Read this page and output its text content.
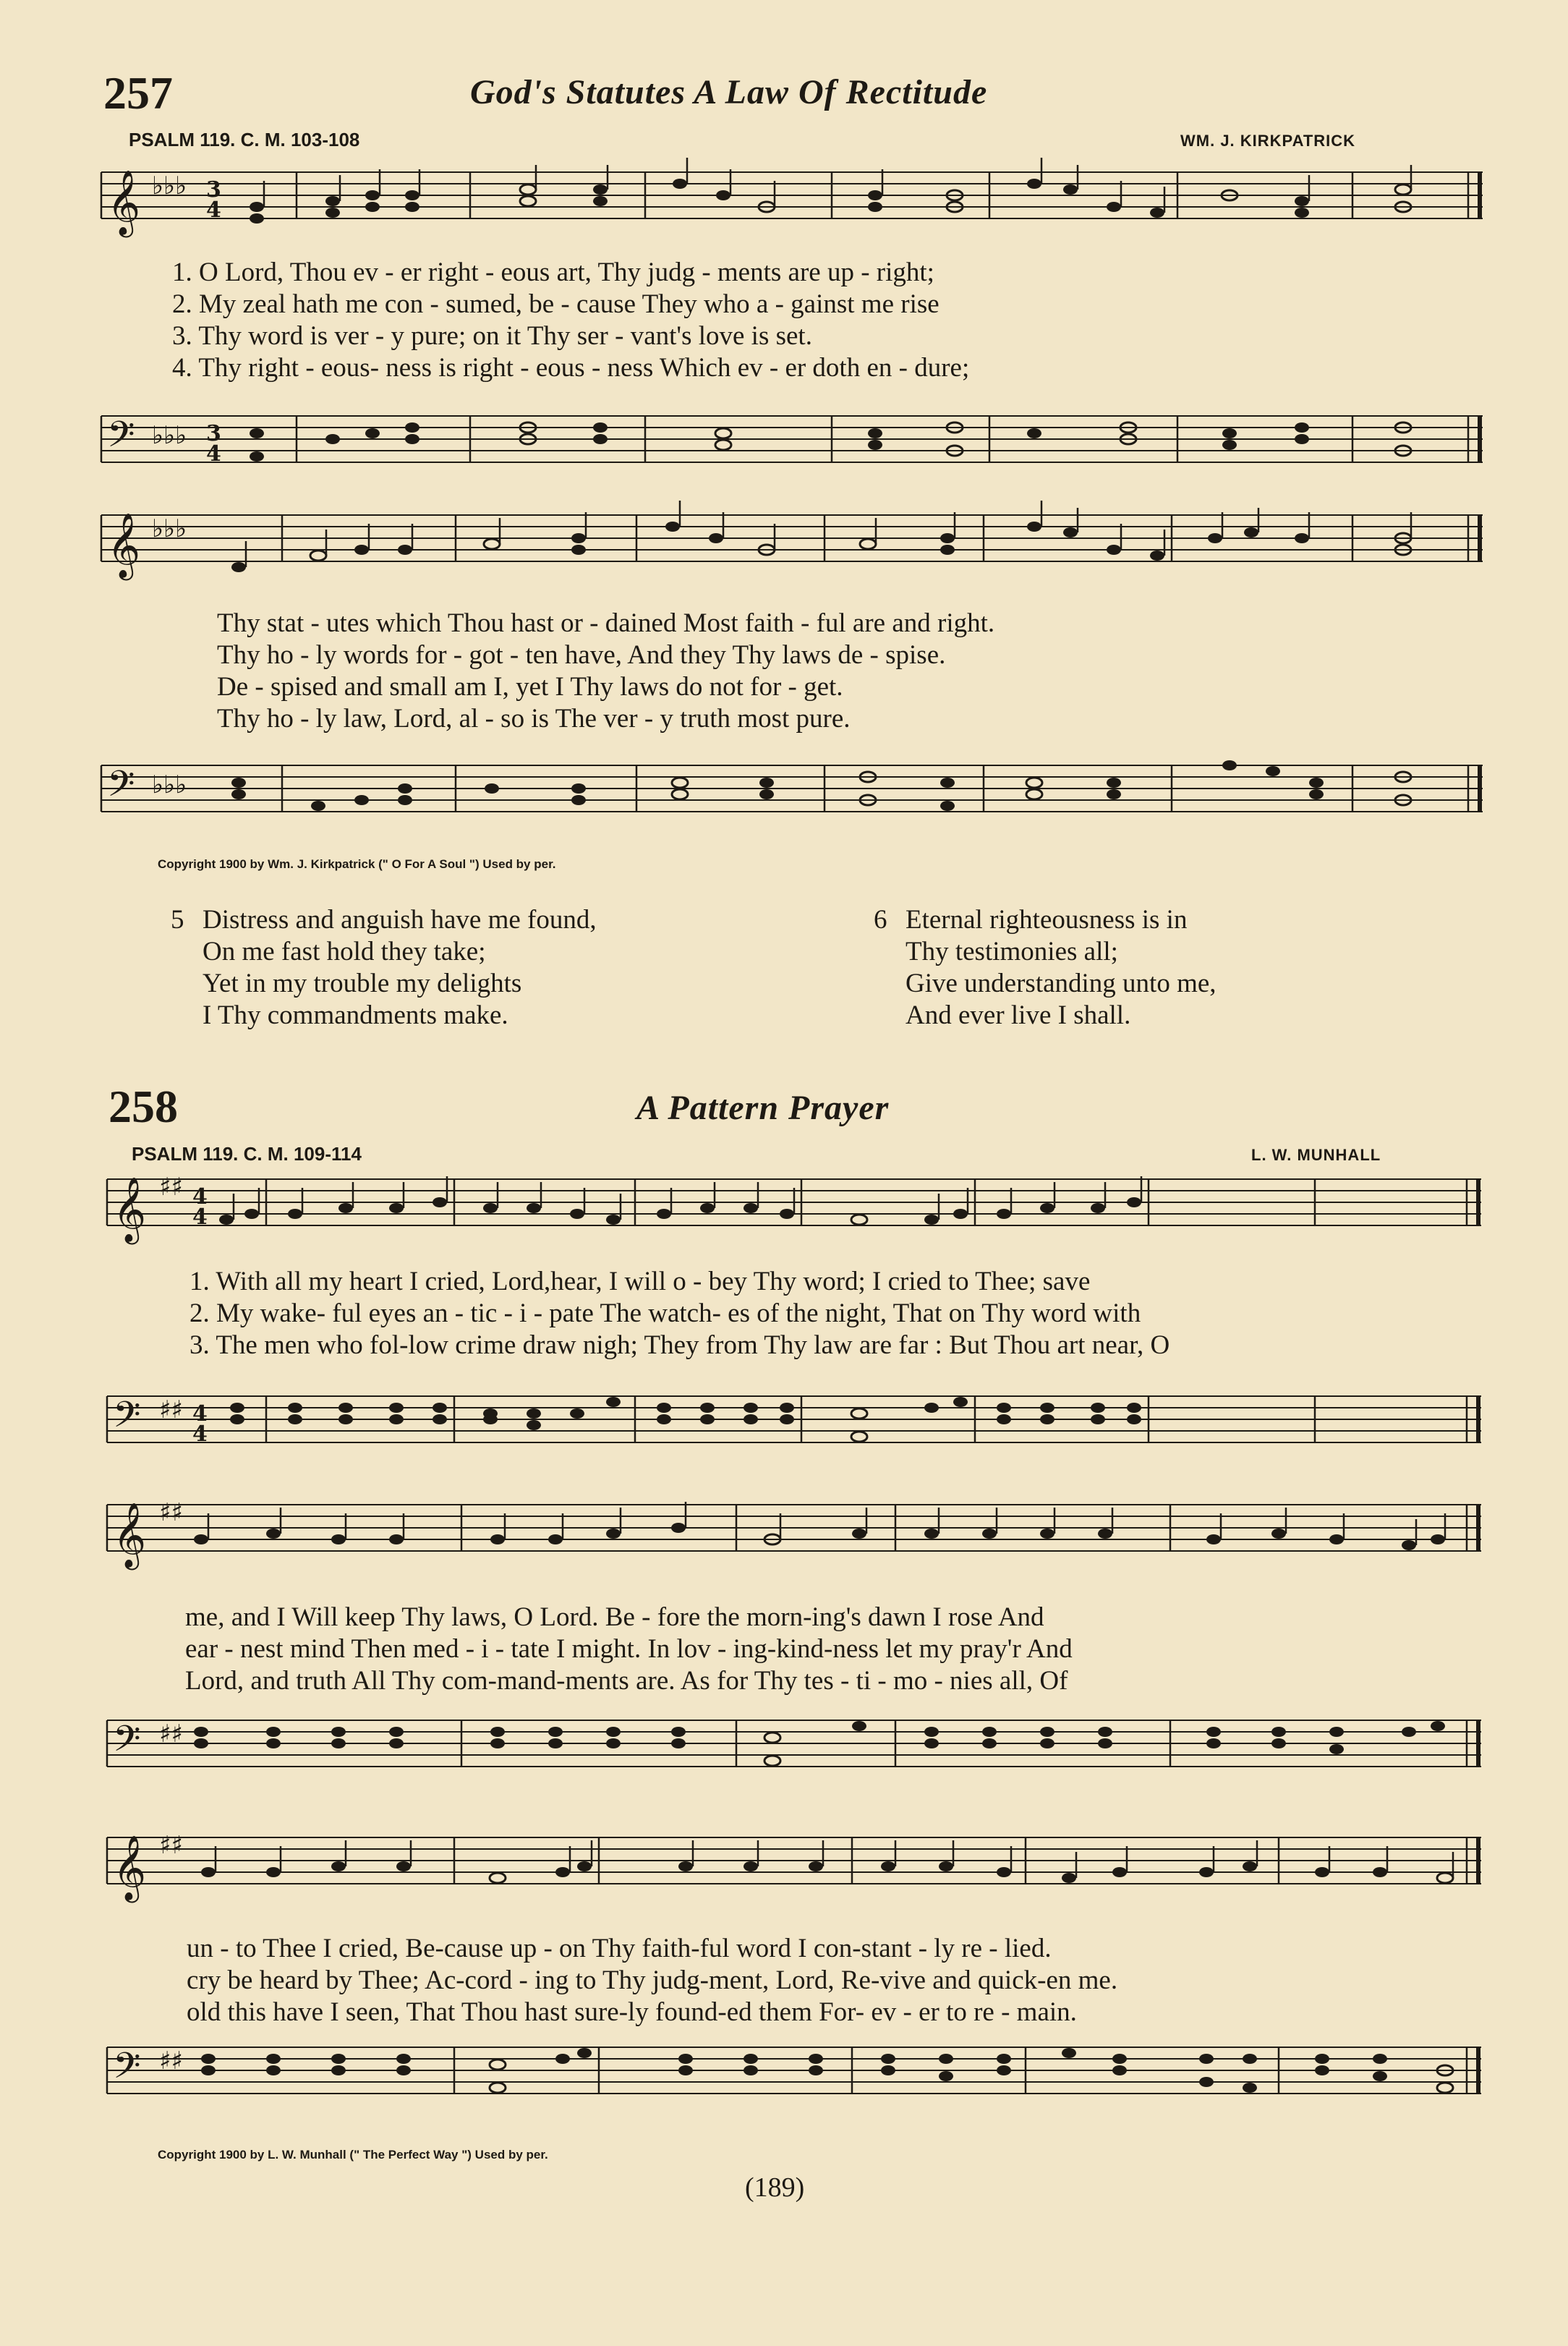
257	God's Statutes A Law Of Rectitude
PSALM 119. C. M. 103-108	WM. J. KIRKPATRICK
𝄞 ♭♭♭ 3
4
1. O Lord, Thou ev - er right - eous art, Thy judg - ments are up - right;
2. My zeal hath me con - sumed, be - cause They who a - gainst me rise
3. Thy word is ver - y pure; on it Thy ser - vant's love is set.
4. Thy right - eous- ness is right - eous - ness Which ev - er doth en - dure;
𝄢 ♭♭♭ 3
4
𝄞 ♭♭♭
Thy stat - utes which Thou hast or - dained Most faith - ful are and right.
Thy ho - ly words for - got - ten have, And they Thy laws de - spise.
De - spised and small am I, yet I Thy laws do not for - get.
Thy ho - ly law, Lord, al - so is The ver - y truth most pure.
𝄢 ♭♭♭
Copyright 1900 by Wm. J. Kirkpatrick (" O For A Soul ") Used by per.
5 Distress and anguish have me found,
On me fast hold they take;
Yet in my trouble my delights
I Thy commandments make.
6 Eternal righteousness is in
Thy testimonies all;
Give understanding unto me,
And ever live I shall.
258	A Pattern Prayer
PSALM 119. C. M. 109-114	L. W. MUNHALL
𝄞 ♯♯ 4
4
1. With all my heart I cried, Lord,hear, I will o - bey Thy word; I cried to Thee; save
2. My wake- ful eyes an - tic - i - pate The watch- es of the night, That on Thy word with
3. The men who fol-low crime draw nigh; They from Thy law are far : But Thou art near, O
𝄢 ♯♯ 4
4
𝄞 ♯♯
me, and I Will keep Thy laws, O Lord. Be - fore the morn-ing's dawn I rose And
ear - nest mind Then med - i - tate I might. In lov - ing-kind-ness let my pray'r And
Lord, and truth All Thy com-mand-ments are. As for Thy tes - ti - mo - nies all, Of
𝄢 ♯♯
𝄞 ♯♯
un - to Thee I cried, Be-cause up - on Thy faith-ful word I con-stant - ly re - lied.
cry be heard by Thee; Ac-cord - ing to Thy judg-ment, Lord, Re-vive and quick-en me.
old this have I seen, That Thou hast sure-ly found-ed them For- ev - er to re - main.
𝄢 ♯♯
Copyright 1900 by L. W. Munhall (" The Perfect Way ") Used by per.
(189)
